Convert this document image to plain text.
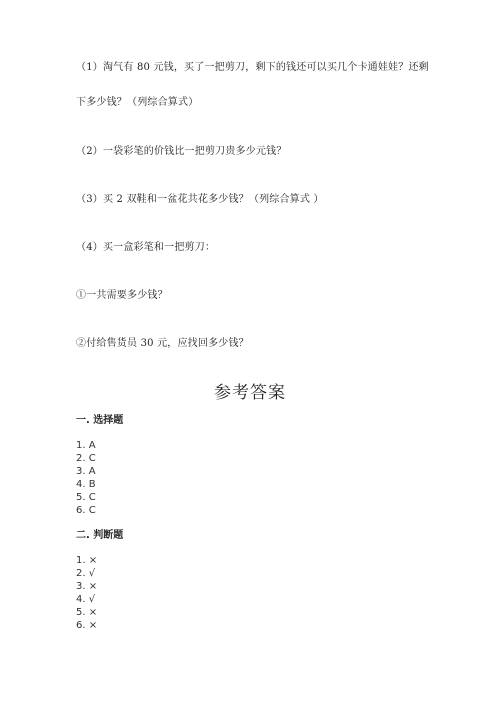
（1）淘气有 80 元钱，买了一把剪刀，剩下的钱还可以买几个卡通娃娃？还剩
下多少钱？（列综合算式）
（2）一袋彩笔的价钱比一把剪刀贵多少元钱？
（3）买 2 双鞋和一盆花共花多少钱？（列综合算式 ）
（4）买一盒彩笔和一把剪刀：
①一共需要多少钱？
②付给售货员 30 元，应找回多少钱？
参考答案
一. 选择题
1. A
2. C
3. A
4. B
5. C
6. C
二. 判断题
1. ×
2. √
3. ×
4. √
5. ×
6. ×
